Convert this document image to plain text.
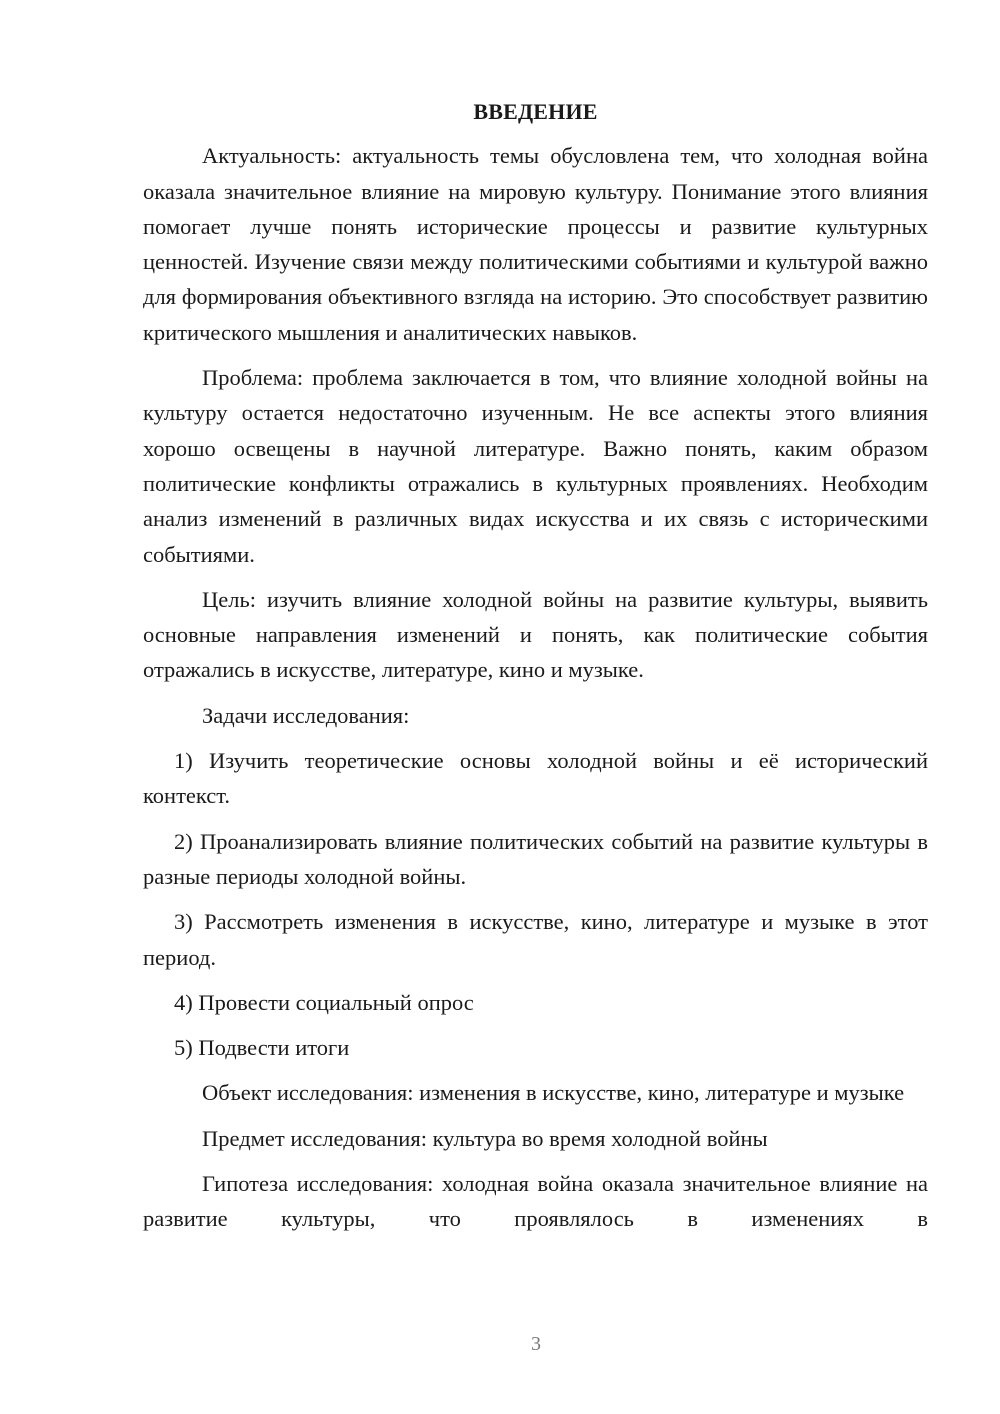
ВВЕДЕНИЕ
Актуальность: актуальность темы обусловлена тем, что холодная война оказала значительное влияние на мировую культуру. Понимание этого влияния помогает лучше понять исторические процессы и развитие культурных ценностей. Изучение связи между политическими событиями и культурой важно для формирования объективного взгляда на историю. Это способствует развитию критического мышления и аналитических навыков.
Проблема: проблема заключается в том, что влияние холодной войны на культуру остается недостаточно изученным. Не все аспекты этого влияния хорошо освещены в научной литературе. Важно понять, каким образом политические конфликты отражались в культурных проявлениях. Необходим анализ изменений в различных видах искусства и их связь с историческими событиями.
Цель: изучить влияние холодной войны на развитие культуры, выявить основные направления изменений и понять, как политические события отражались в искусстве, литературе, кино и музыке.
Задачи исследования:
1) Изучить теоретические основы холодной войны и её исторический контекст.
2) Проанализировать влияние политических событий на развитие культуры в разные периоды холодной войны.
3) Рассмотреть изменения в искусстве, кино, литературе и музыке в этот период.
4) Провести социальный опрос
5) Подвести итоги
Объект исследования: изменения в искусстве, кино, литературе и музыке
Предмет исследования: культура во время холодной войны
Гипотеза исследования: холодная война оказала значительное влияние на развитие культуры, что проявлялось в изменениях в
3
